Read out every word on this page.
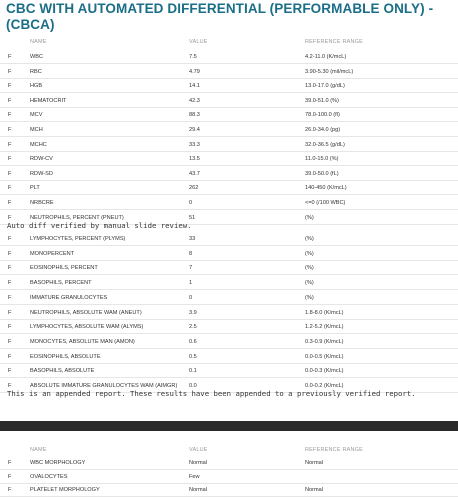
CBC WITH AUTOMATED DIFFERENTIAL (PERFORMABLE ONLY) - (CBCA)
NAME	VALUE	REFERENCE RANGE
F	WBC	7.5	4.2-11.0 (K/mcL)
F	RBC	4.79	3.90-5.30 (mil/mcL)
F	HGB	14.1	13.0-17.0 (g/dL)
F	HEMATOCRIT	42.3	39.0-51.0 (%)
F	MCV	88.3	78.0-100.0 (fl)
F	MCH	29.4	26.0-34.0 (pg)
F	MCHC	33.3	32.0-36.5 (g/dL)
F	RDW-CV	13.5	11.0-15.0 (%)
F	RDW-SD	43.7	39.0-50.0 (fL)
F	PLT	262	140-450 (K/mcL)
F	NRBCRE	0	<=0 (/100 WBC)
F	NEUTROPHILS, PERCENT (PNEUT)	51	(%)
Auto diff verified by manual slide review.
F	LYMPHOCYTES, PERCENT (PLYMS)	33	(%)
F	MONOPERCENT	8	(%)
F	EOSINOPHILS, PERCENT	7	(%)
F	BASOPHILS, PERCENT	1	(%)
F	IMMATURE GRANULOCYTES	0	(%)
F	NEUTROPHILS, ABSOLUTE WAM (ANEUT)	3.9	1.8-8.0 (K/mcL)
F	LYMPHOCYTES, ABSOLUTE WAM (ALYMS)	2.5	1.2-5.2 (K/mcL)
F	MONOCYTES, ABSOLUTE MAN (AMON)	0.6	0.3-0.9 (K/mcL)
F	EOSINOPHILS, ABSOLUTE	0.5	0.0-0.5 (K/mcL)
F	BASOPHILS, ABSOLUTE	0.1	0.0-0.3 (K/mcL)
F	ABSOLUTE IMMATURE GRANULOCYTES WAM (AIMGR) 0.0	0.0-0.2 (K/mcL)
This is an appended report. These results have been appended to a previously verified report.
NAME	VALUE	REFERENCE RANGE
F	WBC MORPHOLOGY	Normal	Normal
F	OVALOCYTES	Few
F	PLATELET MORPHOLOGY	Normal	Normal
